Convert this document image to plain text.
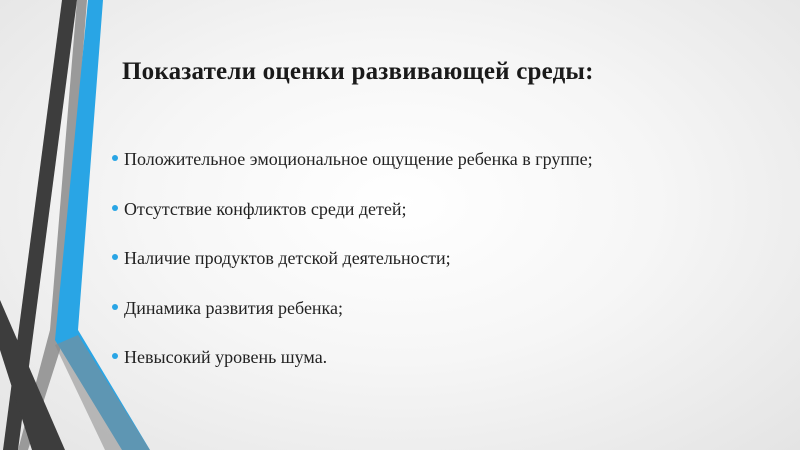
Показатели оценки развивающей среды:
Положительное эмоциональное ощущение ребенка в группе;
Отсутствие конфликтов среди детей;
Наличие продуктов детской деятельности;
Динамика развития ребенка;
Невысокий уровень шума.
